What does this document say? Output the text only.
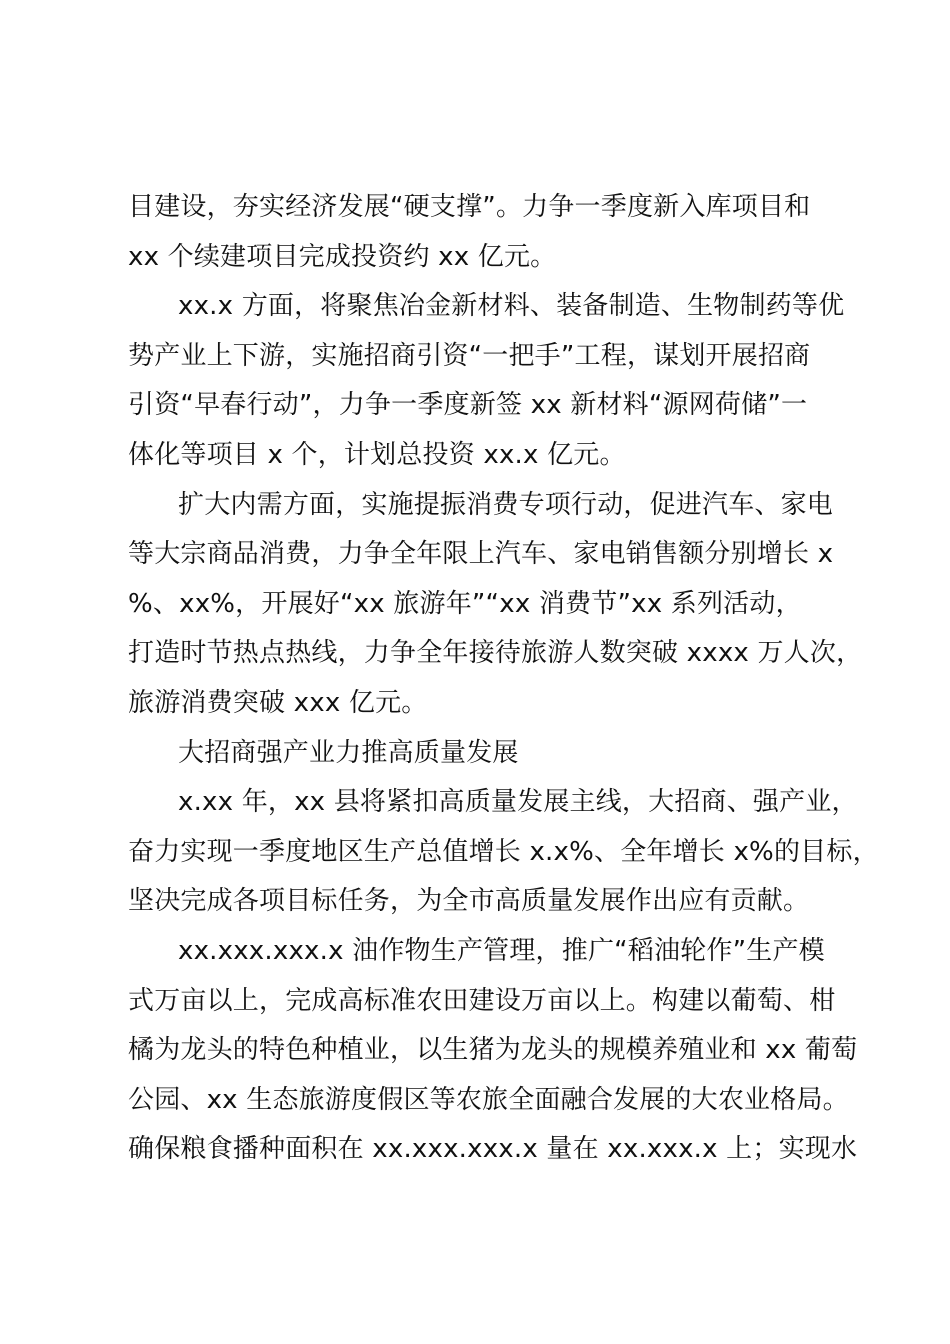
目建设，夯实经济发展“硬支撑”。力争一季度新入库项目和
xx 个续建项目完成投资约 xx 亿元。
xx.x 方面，将聚焦冶金新材料、装备制造、生物制药等优
势产业上下游，实施招商引资“一把手”工程，谋划开展招商
引资“早春行动”，力争一季度新签 xx 新材料“源网荷储”一
体化等项目 x 个，计划总投资 xx.x 亿元。
扩大内需方面，实施提振消费专项行动，促进汽车、家电
等大宗商品消费，力争全年限上汽车、家电销售额分别增长 x
%、xx%，开展好“xx 旅游年”“xx 消费节”xx 系列活动，
打造时节热点热线，力争全年接待旅游人数突破 xxxx 万人次，
旅游消费突破 xxx 亿元。
大招商强产业力推高质量发展
x.xx 年，xx 县将紧扣高质量发展主线，大招商、强产业，
奋力实现一季度地区生产总值增长 x.x%、全年增长 x%的目标，
坚决完成各项目标任务，为全市高质量发展作出应有贡献。
xx.xxx.xxx.x 油作物生产管理，推广“稻油轮作”生产模
式万亩以上，完成高标准农田建设万亩以上。构建以葡萄、柑
橘为龙头的特色种植业，以生猪为龙头的规模养殖业和 xx 葡萄
公园、xx 生态旅游度假区等农旅全面融合发展的大农业格局。
确保粮食播种面积在 xx.xxx.xxx.x 量在 xx.xxx.x 上；实现水
